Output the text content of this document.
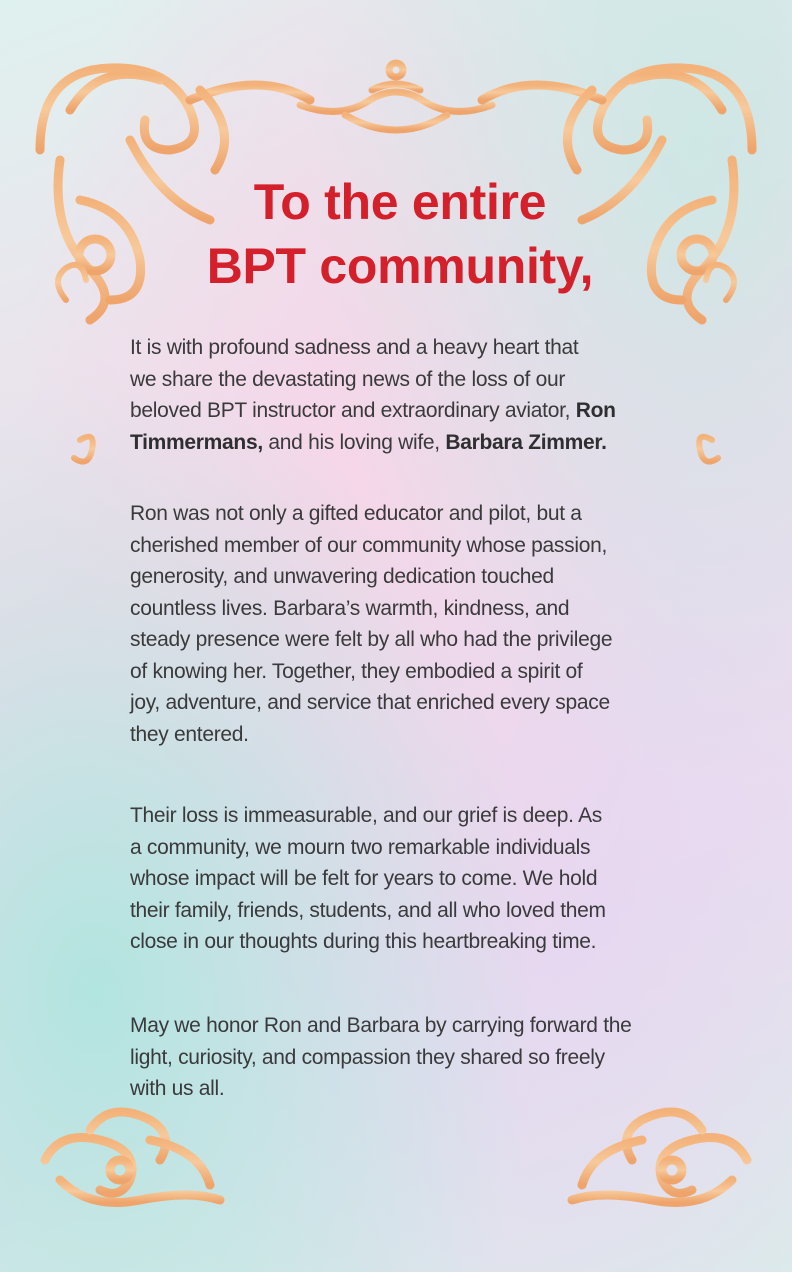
To the entire
BPT community,
It is with profound sadness and a heavy heart that
we share the devastating news of the loss of our
beloved BPT instructor and extraordinary aviator, Ron
Timmermans, and his loving wife, Barbara Zimmer.
Ron was not only a gifted educator and pilot, but a
cherished member of our community whose passion,
generosity, and unwavering dedication touched
countless lives. Barbara’s warmth, kindness, and
steady presence were felt by all who had the privilege
of knowing her. Together, they embodied a spirit of
joy, adventure, and service that enriched every space
they entered.
Their loss is immeasurable, and our grief is deep. As
a community, we mourn two remarkable individuals
whose impact will be felt for years to come. We hold
their family, friends, students, and all who loved them
close in our thoughts during this heartbreaking time.
May we honor Ron and Barbara by carrying forward the
light, curiosity, and compassion they shared so freely
with us all.
